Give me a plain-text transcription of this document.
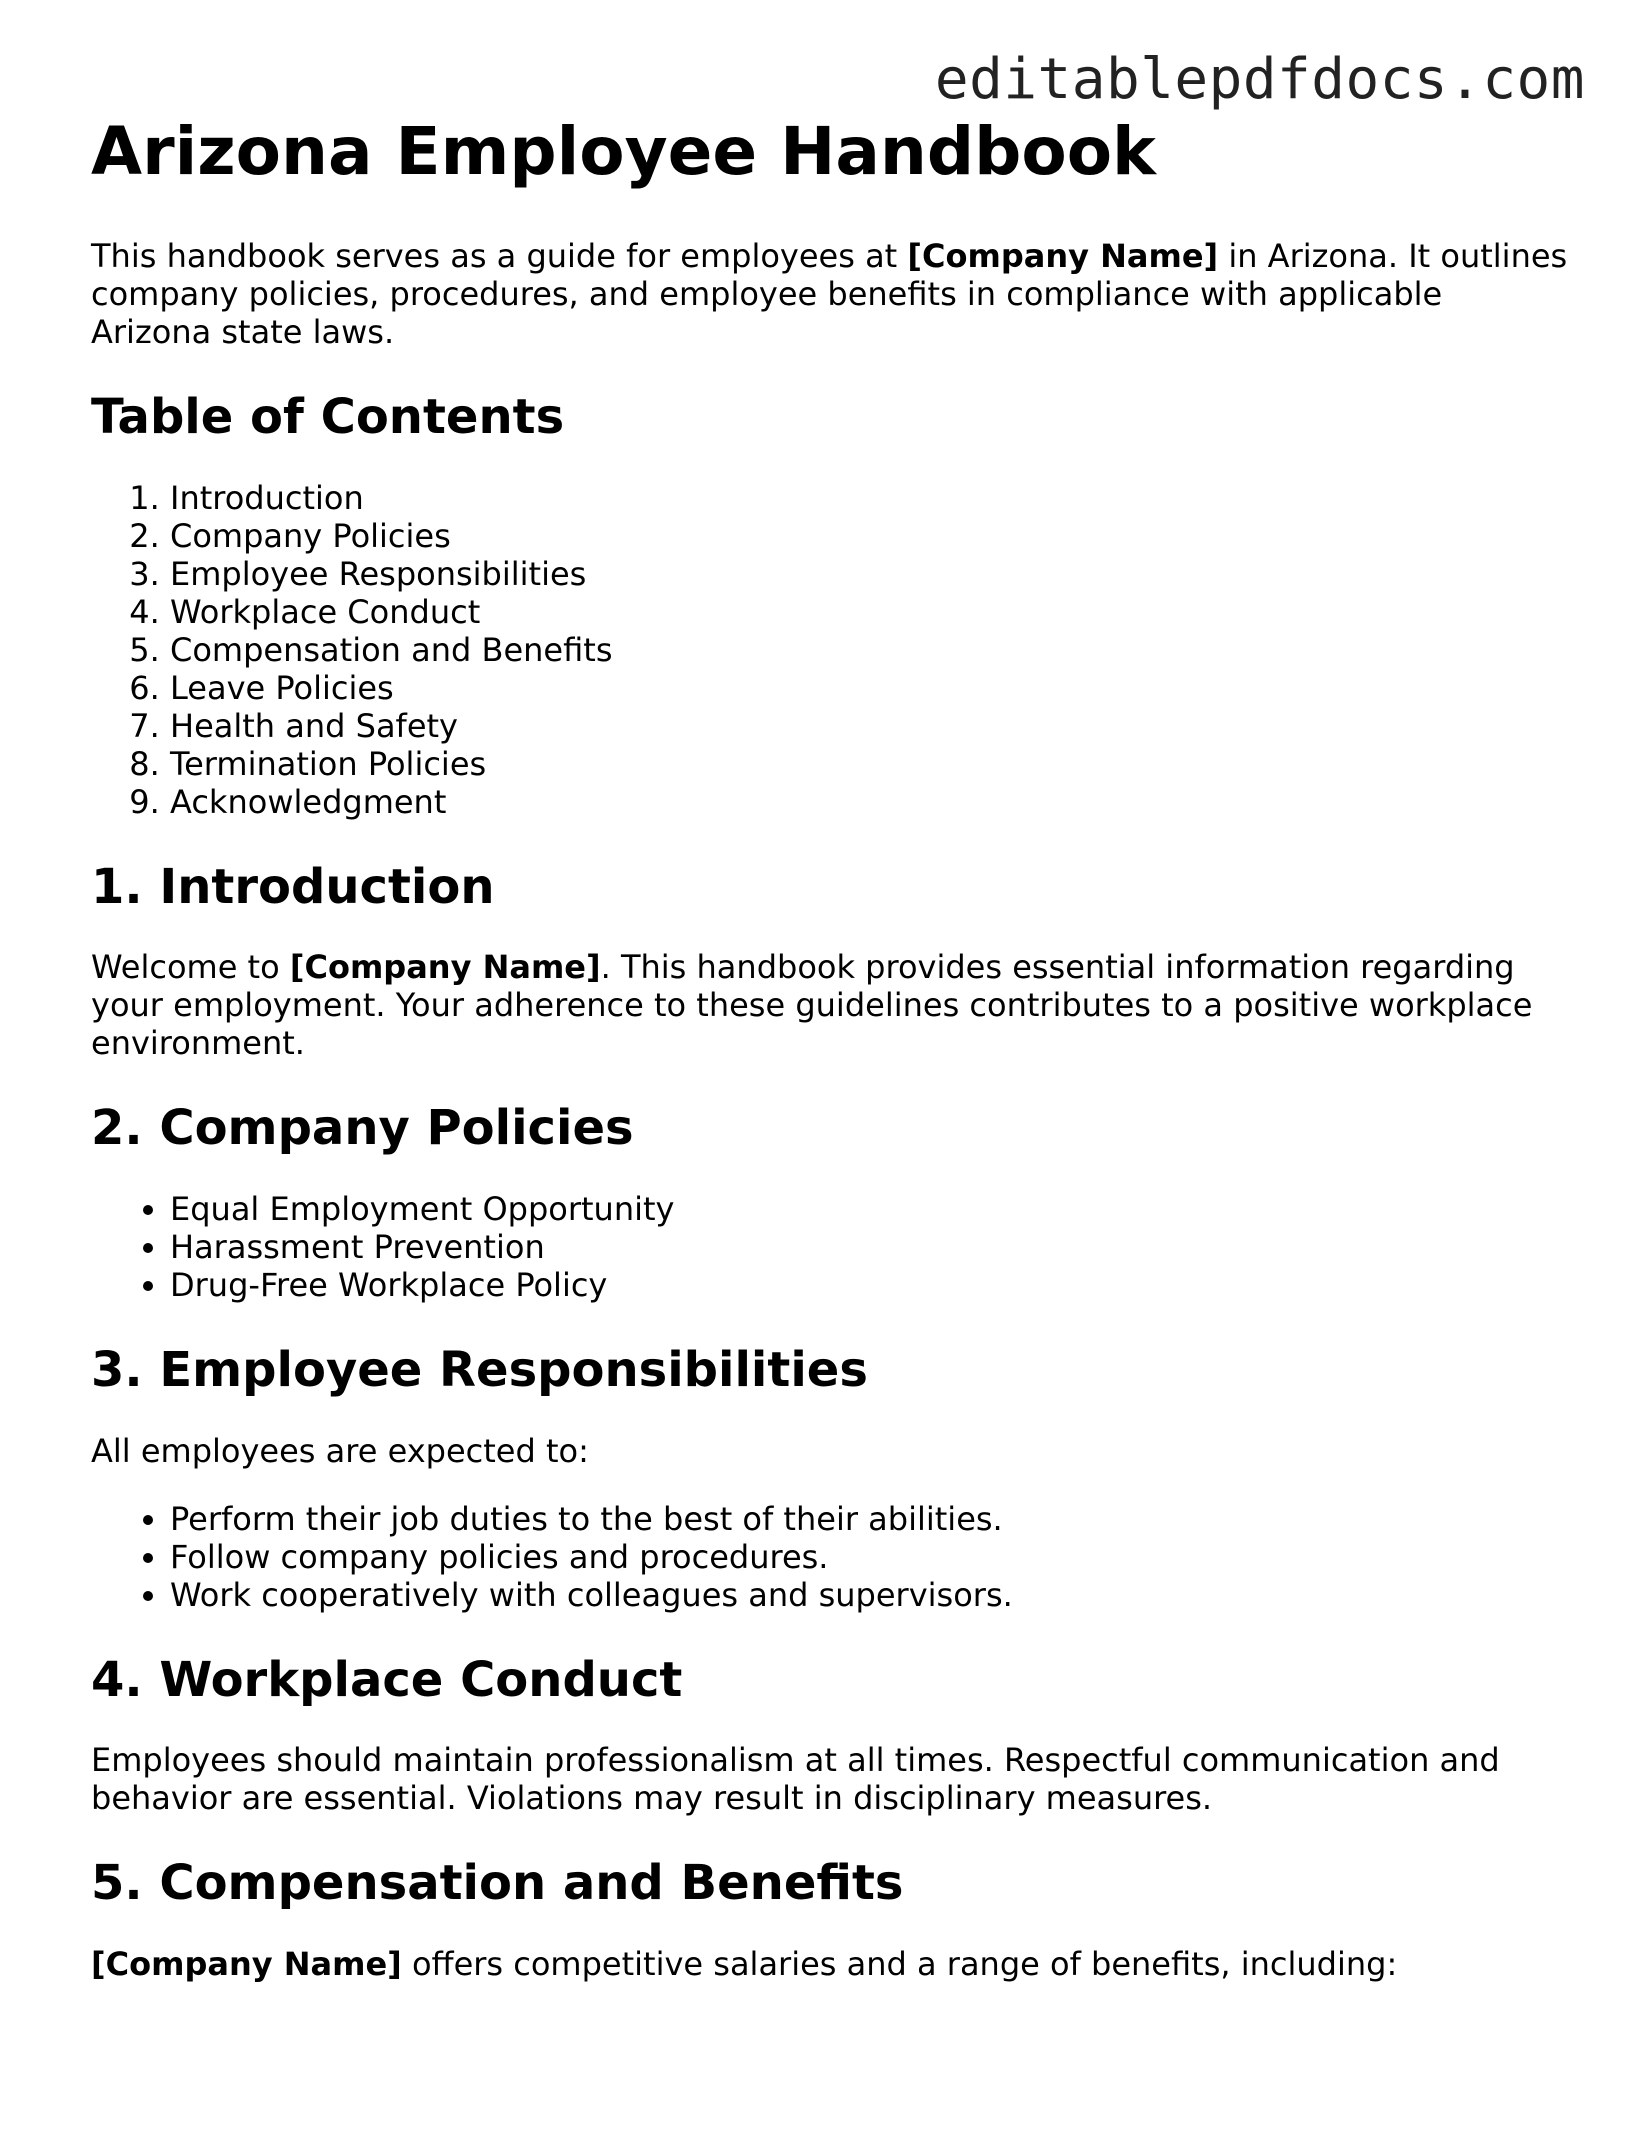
editablepdfdocs.com
Arizona Employee Handbook

This handbook serves as a guide for employees at [Company Name] in Arizona. It outlines company policies, procedures, and employee benefits in compliance with applicable Arizona state laws.

Table of Contents
1. Introduction
2. Company Policies
3. Employee Responsibilities
4. Workplace Conduct
5. Compensation and Benefits
6. Leave Policies
7. Health and Safety
8. Termination Policies
9. Acknowledgment
1. Introduction

Welcome to [Company Name]. This handbook provides essential information regarding your employment. Your adherence to these guidelines contributes to a positive workplace environment.

2. Company Policies
• Equal Employment Opportunity
• Harassment Prevention
• Drug-Free Workplace Policy
3. Employee Responsibilities

All employees are expected to:

• Perform their job duties to the best of their abilities.
• Follow company policies and procedures.
• Work cooperatively with colleagues and supervisors.
4. Workplace Conduct

Employees should maintain professionalism at all times. Respectful communication and behavior are essential. Violations may result in disciplinary measures.

5. Compensation and Benefits

[Company Name] offers competitive salaries and a range of benefits, including:
